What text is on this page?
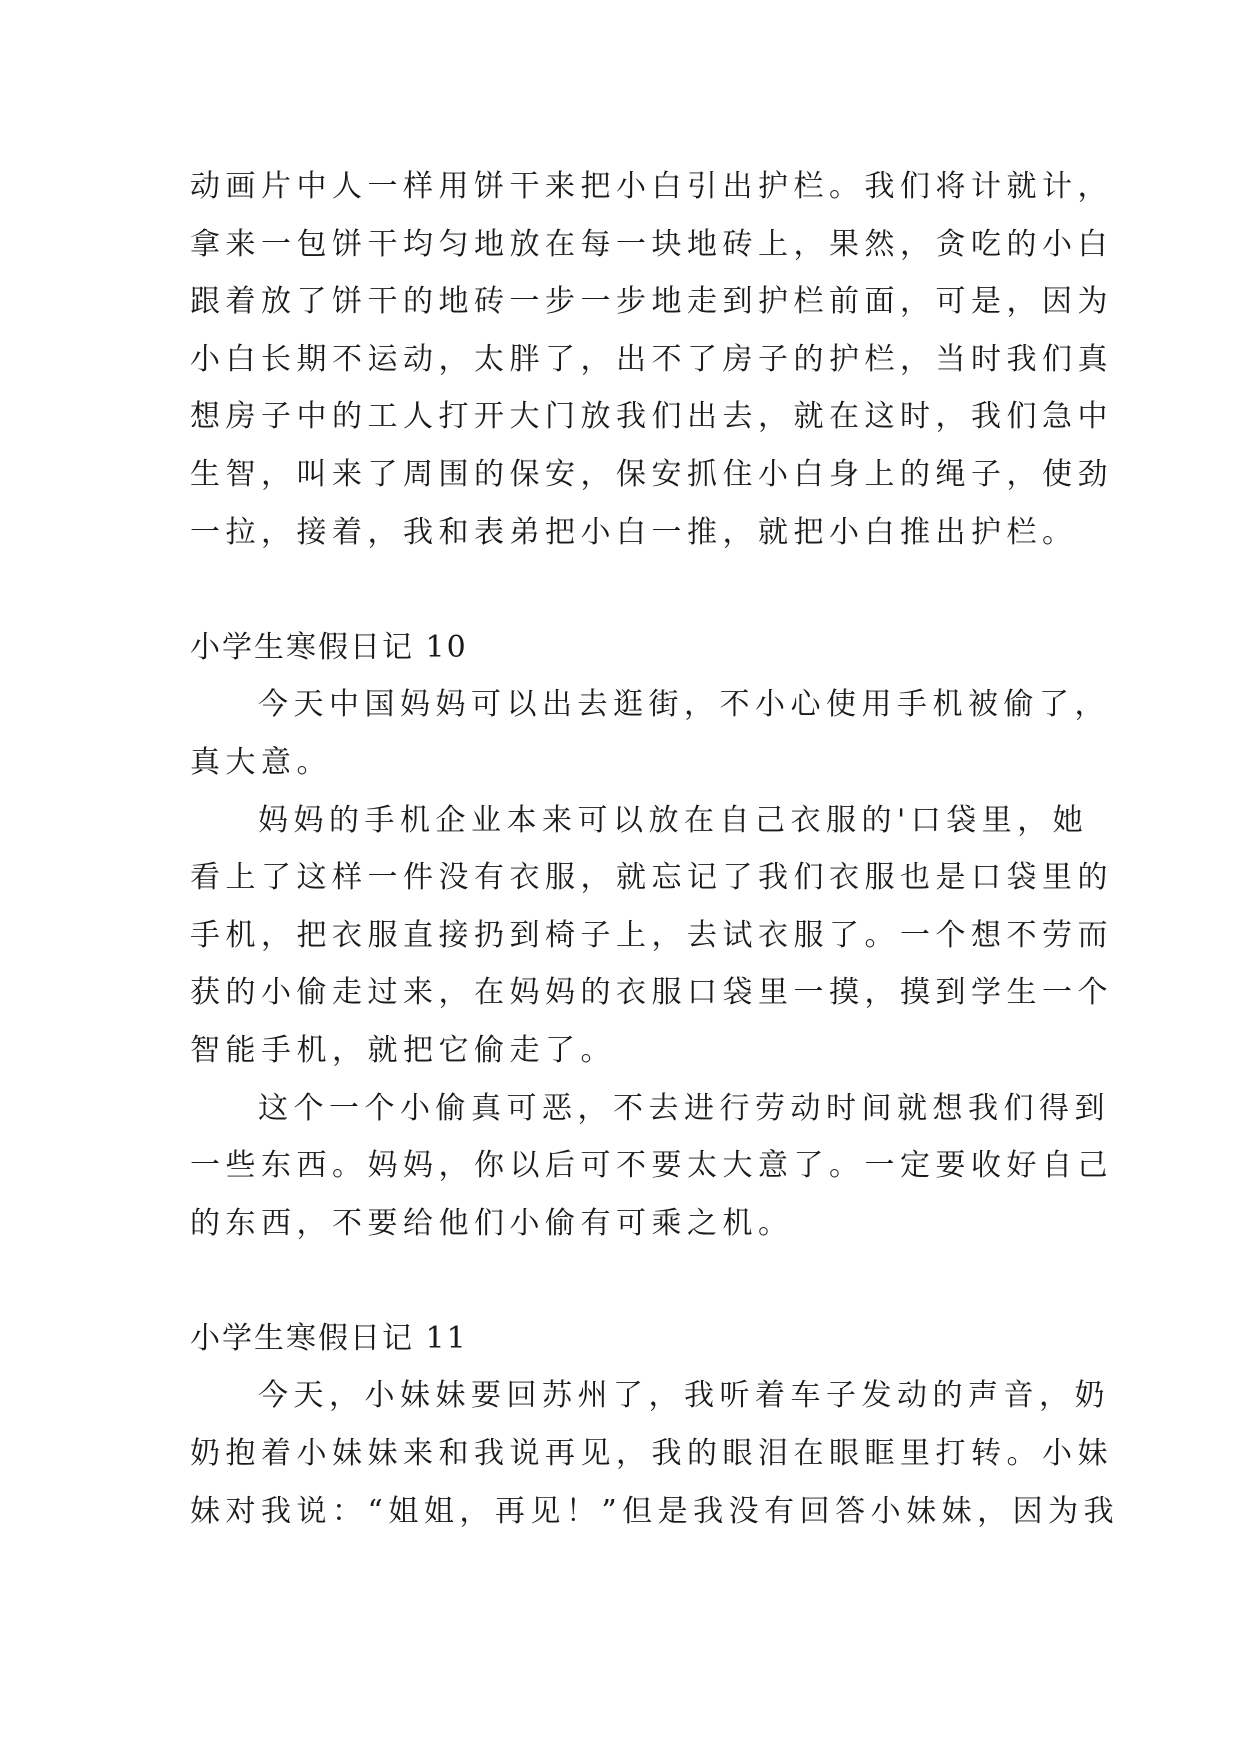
动画片中人一样用饼干来把小白引出护栏。我们将计就计，
拿来一包饼干均匀地放在每一块地砖上，果然，贪吃的小白
跟着放了饼干的地砖一步一步地走到护栏前面，可是，因为
小白长期不运动，太胖了，出不了房子的护栏，当时我们真
想房子中的工人打开大门放我们出去，就在这时，我们急中
生智，叫来了周围的保安，保安抓住小白身上的绳子，使劲
一拉，接着，我和表弟把小白一推，就把小白推出护栏。
小学生寒假日记 10
今天中国妈妈可以出去逛街，不小心使用手机被偷了，
真大意。
妈妈的手机企业本来可以放在自己衣服的'口袋里，她
看上了这样一件没有衣服，就忘记了我们衣服也是口袋里的
手机，把衣服直接扔到椅子上，去试衣服了。一个想不劳而
获的小偷走过来，在妈妈的衣服口袋里一摸，摸到学生一个
智能手机，就把它偷走了。
这个一个小偷真可恶，不去进行劳动时间就想我们得到
一些东西。妈妈，你以后可不要太大意了。一定要收好自己
的东西，不要给他们小偷有可乘之机。
小学生寒假日记 11
今天，小妹妹要回苏州了，我听着车子发动的声音，奶
奶抱着小妹妹来和我说再见，我的眼泪在眼眶里打转。小妹
妹对我说：“姐姐，再见！”但是我没有回答小妹妹，因为我
